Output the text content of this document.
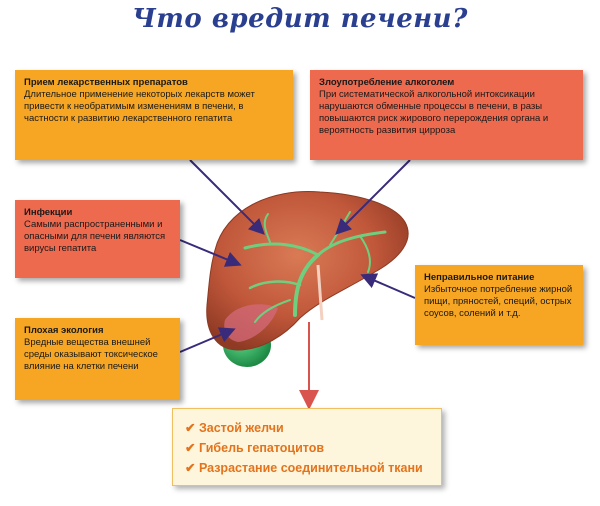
Что вредит печени?
Прием лекарственных препаратов
Длительное применение некоторых лекарств может привести к необратимым изменениям в печени, в частности к развитию лекарственного гепатита
Злоупотребление алкоголем
При систематической алкогольной интоксикации нарушаются обменные процессы в печени, в разы повышаются риск жирового перерождения органа и вероятность развития цирроза
Инфекции
Самыми распространенными и опасными для печени являются вирусы гепатита
Неправильное питание
Избыточное потребление жирной пищи, пряностей, специй, острых соусов, солений и т.д.
Плохая экология
Вредные вещества внешней среды оказывают токсическое влияние на клетки печени
✔ Застой желчи
✔ Гибель гепатоцитов
✔ Разрастание соединительной ткани
